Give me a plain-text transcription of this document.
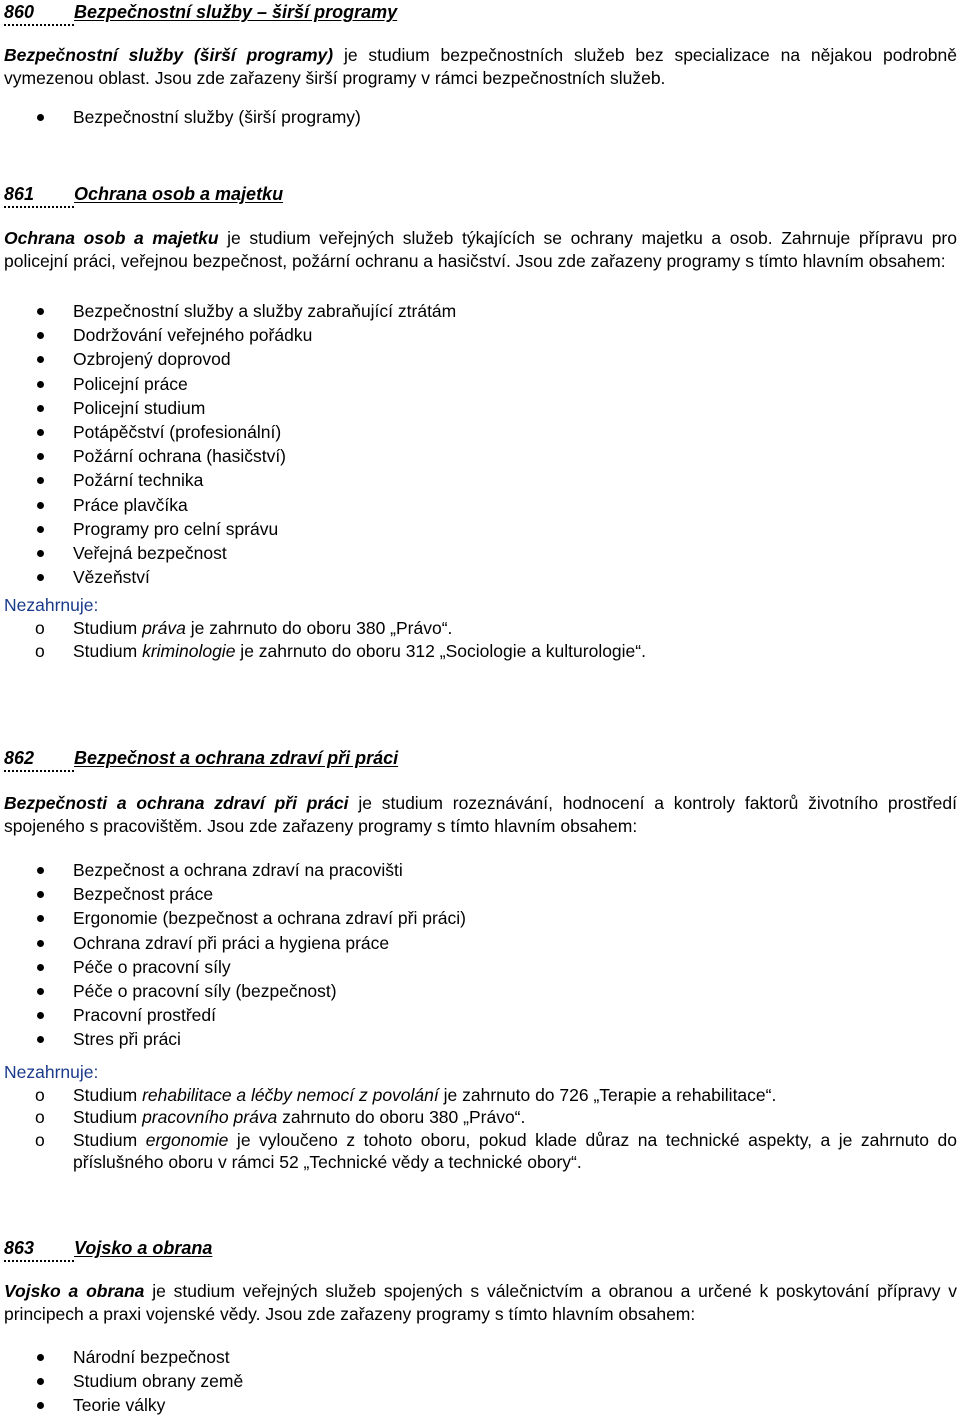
860 Bezpečnostní služby – širší programy

Bezpečnostní služby (širší programy) je studium bezpečnostních služeb bez specializace na nějakou podrobně vymezenou oblast. Jsou zde zařazeny širší programy v rámci bezpečnostních služeb.

Bezpečnostní služby (širší programy)

861 Ochrana osob a majetku

Ochrana osob a majetku je studium veřejných služeb týkajících se ochrany majetku a osob. Zahrnuje přípravu pro policejní práci, veřejnou bezpečnost, požární ochranu a hasičství. Jsou zde zařazeny programy s tímto hlavním obsahem:

Bezpečnostní služby a služby zabraňující ztrátám
Dodržování veřejného pořádku
Ozbrojený doprovod
Policejní práce
Policejní studium
Potápěčství (profesionální)
Požární ochrana (hasičství)
Požární technika
Práce plavčíka
Programy pro celní správu
Veřejná bezpečnost
Vězeňství

Nezahrnuje:

o Studium práva je zahrnuto do oboru 380 „Právo“.
o Studium kriminologie je zahrnuto do oboru 312 „Sociologie a kulturologie“.

862 Bezpečnost a ochrana zdraví při práci

Bezpečnosti a ochrana zdraví při práci je studium rozeznávání, hodnocení a kontroly faktorů životního prostředí spojeného s pracovištěm. Jsou zde zařazeny programy s tímto hlavním obsahem:

Bezpečnost a ochrana zdraví na pracovišti
Bezpečnost práce
Ergonomie (bezpečnost a ochrana zdraví při práci)
Ochrana zdraví při práci a hygiena práce
Péče o pracovní síly
Péče o pracovní síly (bezpečnost)
Pracovní prostředí
Stres při práci

Nezahrnuje:

o Studium rehabilitace a léčby nemocí z povolání je zahrnuto do 726 „Terapie a rehabilitace“.
o Studium pracovního práva zahrnuto do oboru 380 „Právo“.
o Studium ergonomie je vyloučeno z tohoto oboru, pokud klade důraz na technické aspekty, a je zahrnuto do příslušného oboru v rámci 52 „Technické vědy a technické obory“.

863 Vojsko a obrana

Vojsko a obrana je studium veřejných služeb spojených s válečnictvím a obranou a určené k poskytování přípravy v principech a praxi vojenské vědy. Jsou zde zařazeny programy s tímto hlavním obsahem:

Národní bezpečnost
Studium obrany země
Teorie války
